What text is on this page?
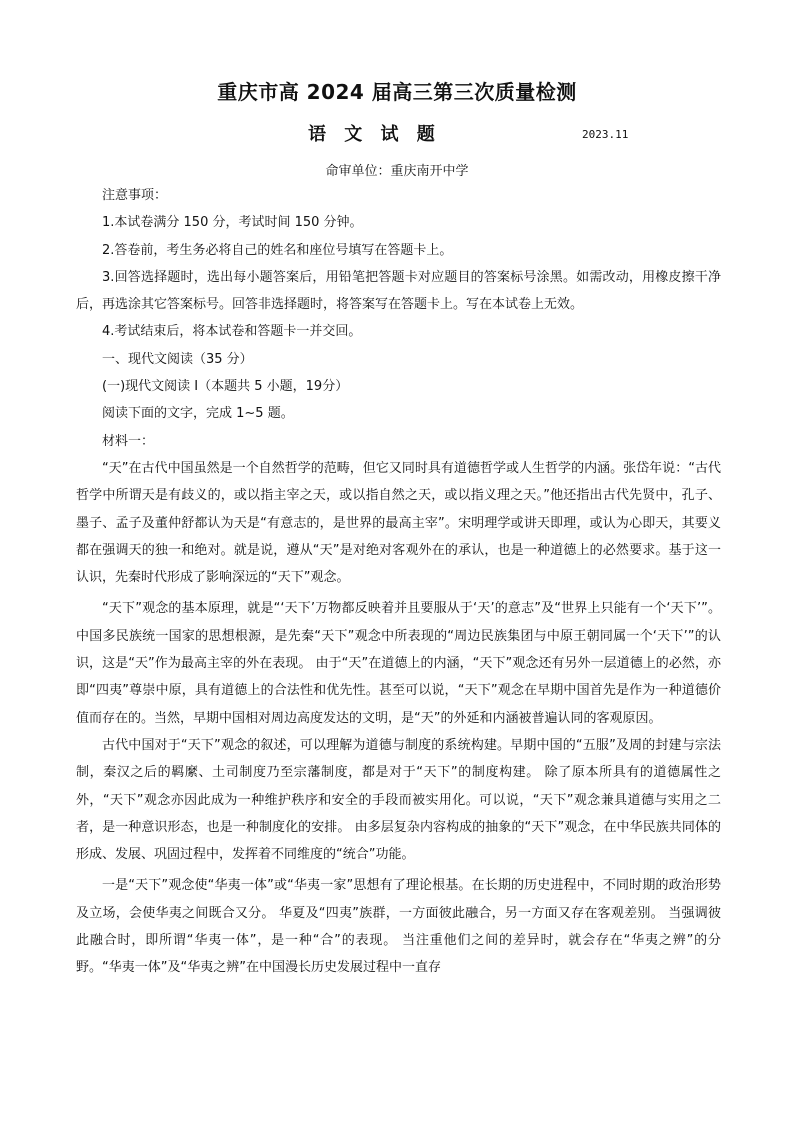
重庆市高 2024 届高三第三次质量检测
语 文 试 题	2023.11
命审单位：重庆南开中学

注意事项：

1.本试卷满分 150 分，考试时间 150 分钟。

2.答卷前，考生务必将自己的姓名和座位号填写在答题卡上。

3.回答选择题时，选出每小题答案后，用铅笔把答题卡对应题目的答案标号涂黑。如需改动，用橡皮擦干净后，再选涂其它答案标号。回答非选择题时，将答案写在答题卡上。写在本试卷上无效。

4.考试结束后，将本试卷和答题卡一并交回。

一、现代文阅读（35 分）

(一)现代文阅读 I（本题共 5 小题，19分）

阅读下面的文字，完成 1~5 题。

材料一：

“天”在古代中国虽然是一个自然哲学的范畴，但它又同时具有道德哲学或人生哲学的内涵。张岱年说：“古代哲学中所谓天是有歧义的，或以指主宰之天，或以指自然之天，或以指义理之天。”他还指出古代先贤中，孔子、墨子、孟子及董仲舒都认为天是“有意志的，是世界的最高主宰”。宋明理学或讲天即理，或认为心即天，其要义都在强调天的独一和绝对。就是说，遵从“天”是对绝对客观外在的承认，也是一种道德上的必然要求。基于这一认识，先秦时代形成了影响深远的“天下”观念。

“天下”观念的基本原理，就是“‘天下’万物都反映着并且要服从于‘天’的意志”及“世界上只能有一个‘天下’”。中国多民族统一国家的思想根源，是先秦“天下”观念中所表现的“周边民族集团与中原王朝同属一个‘天下’”的认识，这是“天”作为最高主宰的外在表现。 由于“天”在道德上的内涵，“天下”观念还有另外一层道德上的必然，亦即“四夷”尊崇中原，具有道德上的合法性和优先性。甚至可以说，“天下”观念在早期中国首先是作为一种道德价值而存在的。当然，早期中国相对周边高度发达的文明，是“天”的外延和内涵被普遍认同的客观原因。

古代中国对于“天下”观念的叙述，可以理解为道德与制度的系统构建。早期中国的“五服”及周的封建与宗法制，秦汉之后的羁縻、土司制度乃至宗藩制度，都是对于“天下”的制度构建。 除了原本所具有的道德属性之外，“天下”观念亦因此成为一种维护秩序和安全的手段而被实用化。可以说，“天下”观念兼具道德与实用之二者，是一种意识形态，也是一种制度化的安排。 由多层复杂内容构成的抽象的“天下”观念，在中华民族共同体的形成、发展、巩固过程中，发挥着不同维度的“统合”功能。

一是“天下”观念使“华夷一体”或“华夷一家”思想有了理论根基。在长期的历史进程中，不同时期的政治形势及立场，会使华夷之间既合又分。 华夏及“四夷”族群，一方面彼此融合，另一方面又存在客观差别。 当强调彼此融合时，即所谓“华夷一体”，是一种“合”的表现。 当注重他们之间的差异时，就会存在“华夷之辨”的分野。“华夷一体”及“华夷之辨”在中国漫长历史发展过程中一直存
